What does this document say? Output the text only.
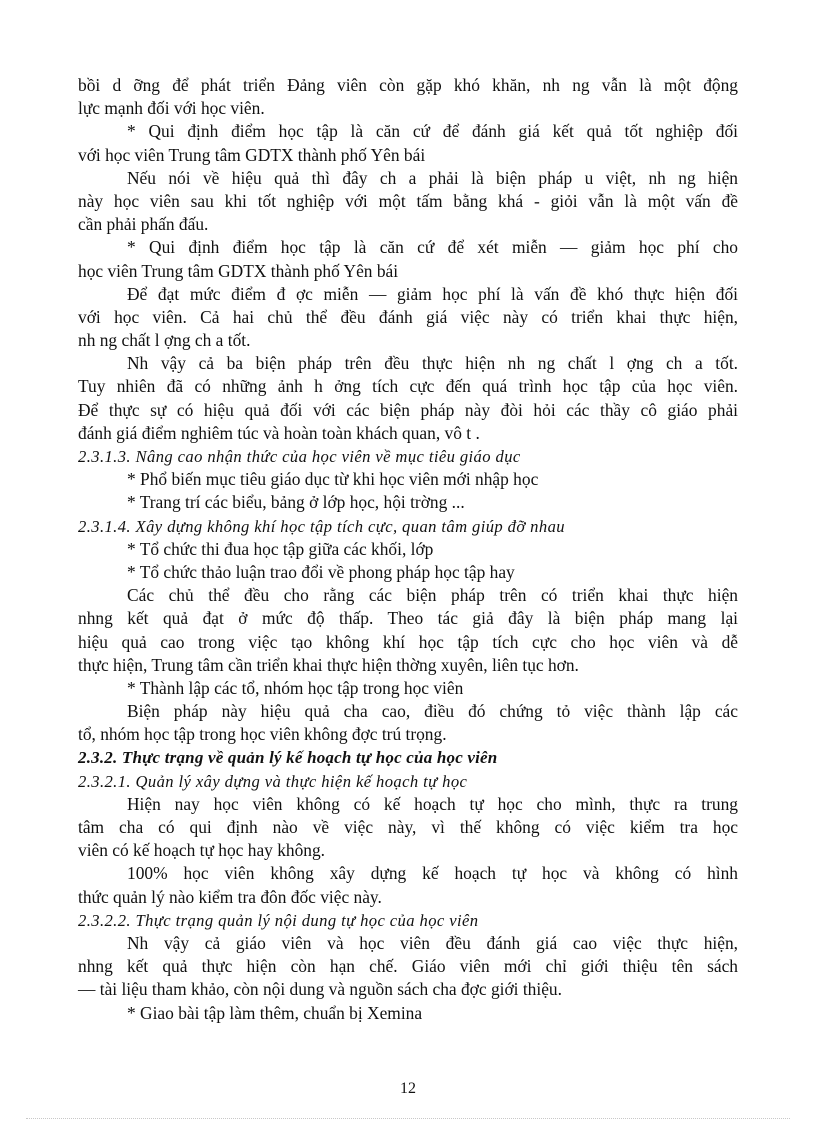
bồi d ỡng để phát triển Đảng viên còn gặp khó khăn, nh ng vẫn là một động
lực mạnh đối với học viên.
* Qui định điểm học tập là căn cứ để đánh giá kết quả tốt nghiệp đối
với học viên Trung tâm GDTX thành phố Yên bái
Nếu nói về hiệu quả thì đây ch a phải là biện pháp u việt, nh ng hiện
này học viên sau khi tốt nghiệp với một tấm bằng khá - giỏi vẫn là một vấn đề
cần phải phấn đấu.
* Qui định điểm học tập là căn cứ để xét miễn — giảm học phí cho
học viên Trung tâm GDTX thành phố Yên bái
Để đạt mức điểm đ ợc miễn — giảm học phí là vấn đề khó thực hiện đối
với học viên. Cả hai chủ thể đều đánh giá việc này có triển khai thực hiện,
nh ng chất l ợng ch a tốt.
Nh vậy cả ba biện pháp trên đều thực hiện nh ng chất l ợng ch a tốt.
Tuy nhiên đã có những ảnh h ởng tích cực đến quá trình học tập của học viên.
Để thực sự có hiệu quả đối với các biện pháp này đòi hỏi các thầy cô giáo phải
đánh giá điểm nghiêm túc và hoàn toàn khách quan, vô t .
2.3.1.3. Nâng cao nhận thức của học viên về mục tiêu giáo dục
* Phổ biến mục tiêu giáo dục từ khi học viên mới nhập học
* Trang trí các biểu, bảng ở lớp học, hội trờng ...
2.3.1.4. Xây dựng không khí học tập tích cực, quan tâm giúp đỡ nhau
* Tổ chức thi đua học tập giữa các khối, lớp
* Tổ chức thảo luận trao đổi về phong pháp học tập hay
Các chủ thể đều cho rằng các biện pháp trên có triển khai thực hiện
nhng kết quả đạt ở mức độ thấp. Theo tác giả đây là biện pháp mang lại
hiệu quả cao trong việc tạo không khí học tập tích cực cho học viên và dễ
thực hiện, Trung tâm cần triển khai thực hiện thờng xuyên, liên tục hơn.
* Thành lập các tổ, nhóm học tập trong học viên
Biện pháp này hiệu quả cha cao, điều đó chứng tỏ việc thành lập các
tổ, nhóm học tập trong học viên không đợc trú trọng.
2.3.2. Thực trạng về quản lý kế hoạch tự học của học viên
2.3.2.1. Quản lý xây dựng và thực hiện kế hoạch tự học
Hiện nay học viên không có kế hoạch tự học cho mình, thực ra trung
tâm cha có qui định nào về việc này, vì thế không có việc kiểm tra học
viên có kế hoạch tự học hay không.
100% học viên không xây dựng kế hoạch tự học và không có hình
thức quản lý nào kiểm tra đôn đốc việc này.
2.3.2.2. Thực trạng quản lý nội dung tự học của học viên
Nh vậy cả giáo viên và học viên đều đánh giá cao việc thực hiện,
nhng kết quả thực hiện còn hạn chế. Giáo viên mới chỉ giới thiệu tên sách
— tài liệu tham khảo, còn nội dung và nguồn sách cha đợc giới thiệu.
* Giao bài tập làm thêm, chuẩn bị Xemina
12
